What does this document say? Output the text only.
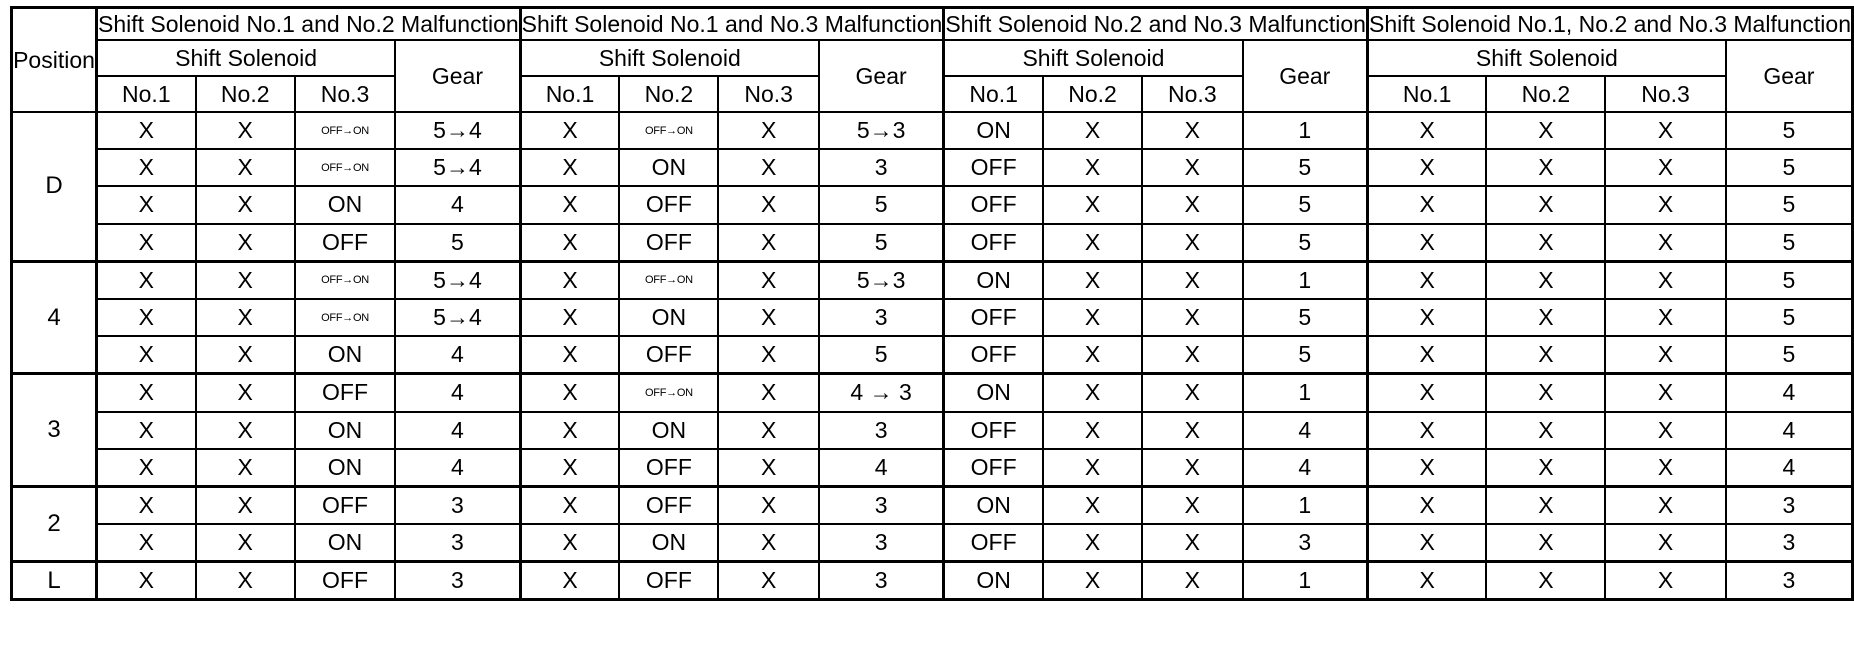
Position	Shift Solenoid No.1 and No.2 Malfunction				Shift Solenoid No.1 and No.3 Malfunction				Shift Solenoid No.2 and No.3 Malfunction				Shift Solenoid No.1, No.2 and No.3 Malfunction			
	Shift Solenoid			Gear	Shift Solenoid			Gear	Shift Solenoid			Gear	Shift Solenoid			Gear
	No.1	No.2	No.3		No.1	No.2	No.3		No.1	No.2	No.3		No.1	No.2	No.3	
D	X	X	OFF→ON	5→4	X	OFF→ON	X	5→3	ON	X	X	1	X	X	X	5
	X	X	OFF→ON	5→4	X	ON	X	3	OFF	X	X	5	X	X	X	5
	X	X	ON	4	X	OFF	X	5	OFF	X	X	5	X	X	X	5
	X	X	OFF	5	X	OFF	X	5	OFF	X	X	5	X	X	X	5
4	X	X	OFF→ON	5→4	X	OFF→ON	X	5→3	ON	X	X	1	X	X	X	5
	X	X	OFF→ON	5→4	X	ON	X	3	OFF	X	X	5	X	X	X	5
	X	X	ON	4	X	OFF	X	5	OFF	X	X	5	X	X	X	5
3	X	X	OFF	4	X	OFF→ON	X	4 → 3	ON	X	X	1	X	X	X	4
	X	X	ON	4	X	ON	X	3	OFF	X	X	4	X	X	X	4
	X	X	ON	4	X	OFF	X	4	OFF	X	X	4	X	X	X	4
2	X	X	OFF	3	X	OFF	X	3	ON	X	X	1	X	X	X	3
	X	X	ON	3	X	ON	X	3	OFF	X	X	3	X	X	X	3
L	X	X	OFF	3	X	OFF	X	3	ON	X	X	1	X	X	X	3
